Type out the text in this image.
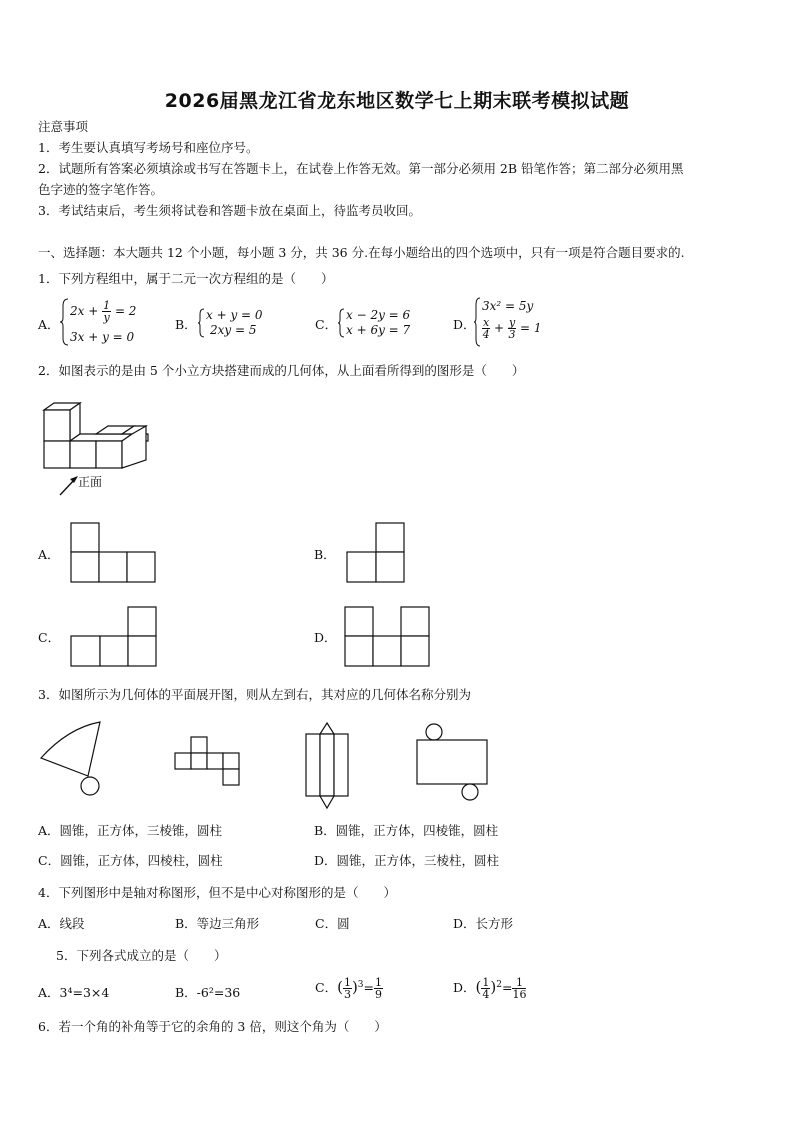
2026届黑龙江省龙东地区数学七上期末联考模拟试题
注意事项
1．考生要认真填写考场号和座位序号。
2．试题所有答案必须填涂或书写在答题卡上，在试卷上作答无效。第一部分必须用 2B 铅笔作答；第二部分必须用黑
色字迹的签字笔作答。
3．考试结束后，考生须将试卷和答题卡放在桌面上，待监考员收回。
一、选择题：本大题共 12 个小题，每小题 3 分，共 36 分.在每小题给出的四个选项中，只有一项是符合题目要求的.
1．下列方程组中，属于二元一次方程组的是（　　）
A．
$2x + \frac{1}{y} = 2$
3x + y = 0
B．
x + y = 0
2xy = 5	C．
x − 2y = 6
x + 6y = 7	D．
3x² = 5y
$\frac{x}{4} + \frac{y}{3} = 1$
2．如图表示的是由 5 个小立方块搭建而成的几何体，从上面看所得到的图形是（　　）
正面
A．	B．
C．	D．
3．如图所示为几何体的平面展开图，则从左到右，其对应的几何体名称分别为
A．圆锥，正方体，三棱锥，圆柱	B．圆锥，正方体，四棱锥，圆柱
C．圆锥，正方体，四棱柱，圆柱	D．圆锥，正方体，三棱柱，圆柱
4．下列图形中是轴对称图形，但不是中心对称图形的是（　　）
A．线段	B．等边三角形	C．圆	D．长方形
5．下列各式成立的是（　　）
A．3⁴=3×4	B．-6²=36	C．( $\frac{1}{3} )^3= \frac{1}{9}$	D．( $\frac{1}{4} )^2= \frac{1}{16}$
6．若一个角的补角等于它的余角的 3 倍，则这个角为（　　）
